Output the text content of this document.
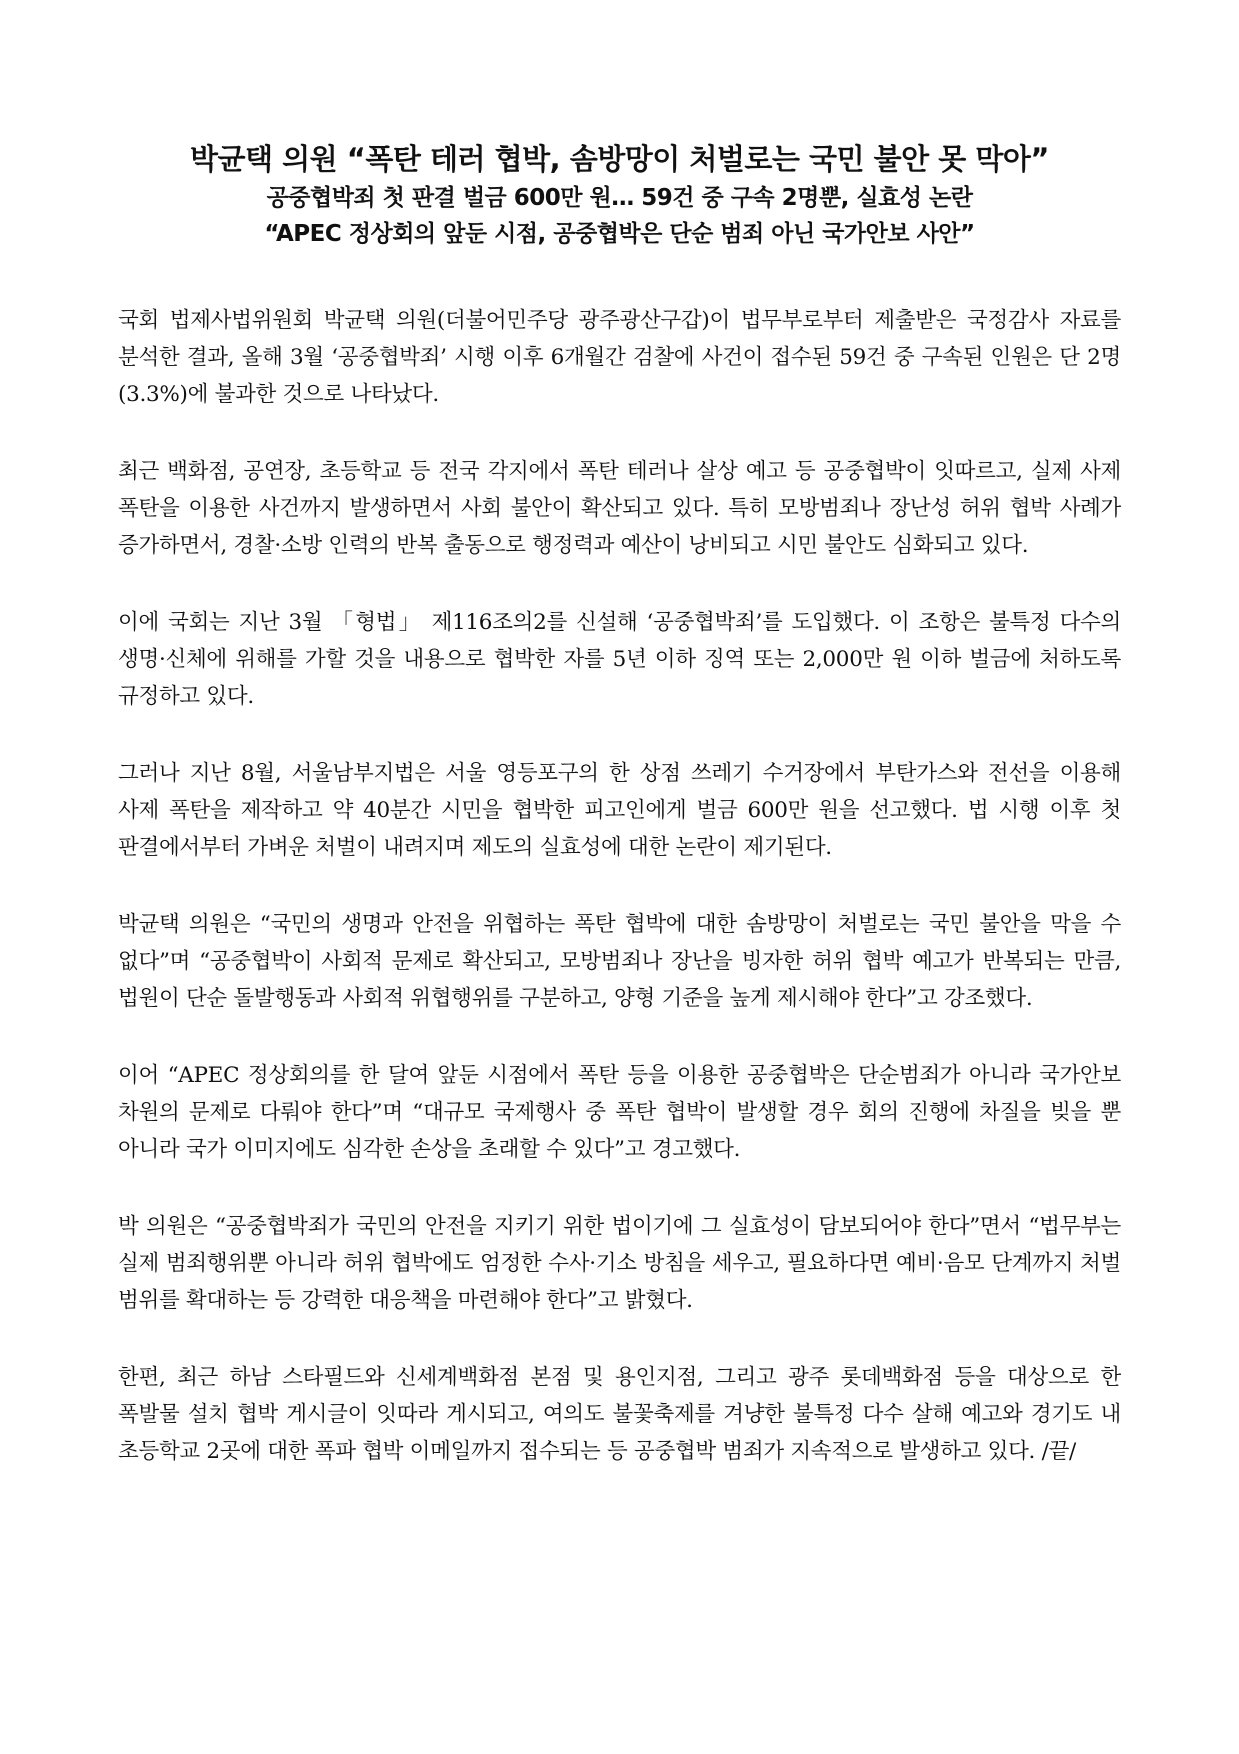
박균택 의원 “폭탄 테러 협박, 솜방망이 처벌로는 국민 불안 못 막아”

공중협박죄 첫 판결 벌금 600만 원… 59건 중 구속 2명뿐, 실효성 논란

“APEC 정상회의 앞둔 시점, 공중협박은 단순 범죄 아닌 국가안보 사안”

국회 법제사법위원회 박균택 의원(더불어민주당 광주광산구갑)이 법무부로부터 제출받은 국정감사 자료를 분석한 결과, 올해 3월 ‘공중협박죄’ 시행 이후 6개월간 검찰에 사건이 접수된 59건 중 구속된 인원은 단 2명(3.3%)에 불과한 것으로 나타났다.

최근 백화점, 공연장, 초등학교 등 전국 각지에서 폭탄 테러나 살상 예고 등 공중협박이 잇따르고, 실제 사제 폭탄을 이용한 사건까지 발생하면서 사회 불안이 확산되고 있다. 특히 모방범죄나 장난성 허위 협박 사례가 증가하면서, 경찰·소방 인력의 반복 출동으로 행정력과 예산이 낭비되고 시민 불안도 심화되고 있다.

이에 국회는 지난 3월 「형법」 제116조의2를 신설해 ‘공중협박죄’를 도입했다. 이 조항은 불특정 다수의 생명·신체에 위해를 가할 것을 내용으로 협박한 자를 5년 이하 징역 또는 2,000만 원 이하 벌금에 처하도록 규정하고 있다.

그러나 지난 8월, 서울남부지법은 서울 영등포구의 한 상점 쓰레기 수거장에서 부탄가스와 전선을 이용해 사제 폭탄을 제작하고 약 40분간 시민을 협박한 피고인에게 벌금 600만 원을 선고했다. 법 시행 이후 첫 판결에서부터 가벼운 처벌이 내려지며 제도의 실효성에 대한 논란이 제기된다.

박균택 의원은 “국민의 생명과 안전을 위협하는 폭탄 협박에 대한 솜방망이 처벌로는 국민 불안을 막을 수 없다”며 “공중협박이 사회적 문제로 확산되고, 모방범죄나 장난을 빙자한 허위 협박 예고가 반복되는 만큼, 법원이 단순 돌발행동과 사회적 위협행위를 구분하고, 양형 기준을 높게 제시해야 한다”고 강조했다.

이어 “APEC 정상회의를 한 달여 앞둔 시점에서 폭탄 등을 이용한 공중협박은 단순범죄가 아니라 국가안보 차원의 문제로 다뤄야 한다”며 “대규모 국제행사 중 폭탄 협박이 발생할 경우 회의 진행에 차질을 빚을 뿐 아니라 국가 이미지에도 심각한 손상을 초래할 수 있다”고 경고했다.

박 의원은 “공중협박죄가 국민의 안전을 지키기 위한 법이기에 그 실효성이 담보되어야 한다”면서 “법무부는 실제 범죄행위뿐 아니라 허위 협박에도 엄정한 수사·기소 방침을 세우고, 필요하다면 예비·음모 단계까지 처벌 범위를 확대하는 등 강력한 대응책을 마련해야 한다”고 밝혔다.

한편, 최근 하남 스타필드와 신세계백화점 본점 및 용인지점, 그리고 광주 롯데백화점 등을 대상으로 한 폭발물 설치 협박 게시글이 잇따라 게시되고, 여의도 불꽃축제를 겨냥한 불특정 다수 살해 예고와 경기도 내 초등학교 2곳에 대한 폭파 협박 이메일까지 접수되는 등 공중협박 범죄가 지속적으로 발생하고 있다. /끝/
